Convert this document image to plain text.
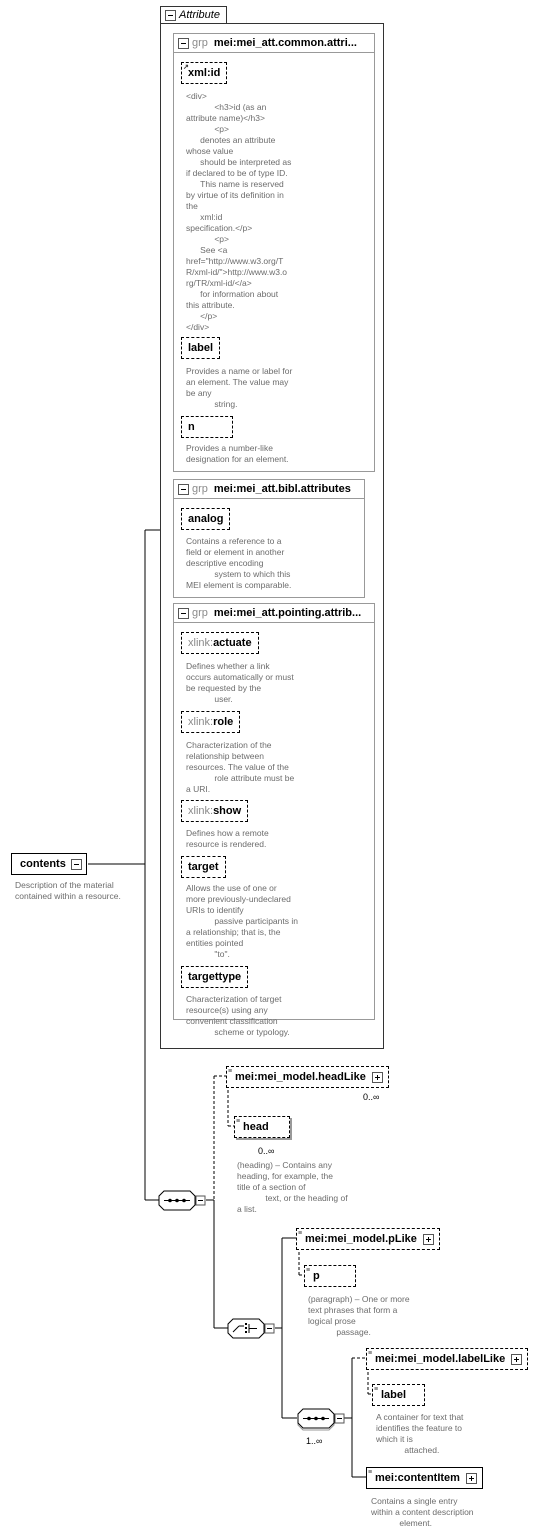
Attribute
grp mei:mei_att.common.attri...
↗ xml:id
<div>
<h3>id (as an
attribute name)</h3>
<p>
denotes an attribute
whose value
should be interpreted as
if declared to be of type ID.
This name is reserved
by virtue of its definition in
the
xml:id
specification.</p>
<p>
See <a
href="http://www.w3.org/T
R/xml-id/">http://www.w3.o
rg/TR/xml-id/</a>
for information about
this attribute.
</p>
</div>
label
Provides a name or label for
an element. The value may
be any
string.
n
Provides a number-like
designation for an element.
grp mei:mei_att.bibl.attributes
analog
Contains a reference to a
field or element in another
descriptive encoding
system to which this
MEI element is comparable.
grp mei:mei_att.pointing.attrib...
xlink:actuate
Defines whether a link
occurs automatically or must
be requested by the
user.
xlink:role
Characterization of the
relationship between
resources. The value of the
role attribute must be
a URI.
xlink:show
Defines how a remote
resource is rendered.
target
Allows the use of one or
more previously-undeclared
URIs to identify
passive participants in
a relationship; that is, the
entities pointed
"to".
targettype
Characterization of target
resource(s) using any
convenient classification
scheme or typology.
contents
Description of the material
contained within a resource.
≡ mei:mei_model.headLike
0..∞
≡ head
0..∞
(heading) – Contains any
heading, for example, the
title of a section of
text, or the heading of
a list.
≡ mei:mei_model.pLike
≡ p
(paragraph) – One or more
text phrases that form a
logical prose
passage.
1..∞
≡ mei:mei_model.labelLike
≡ label
A container for text that
identifies the feature to
which it is
attached.
≡ mei:contentItem
Contains a single entry
within a content description
element.
